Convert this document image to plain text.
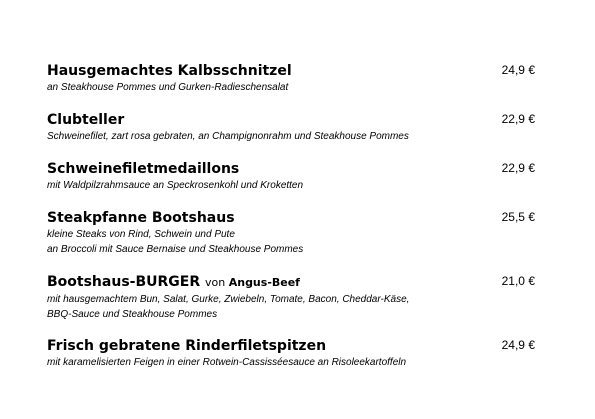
Hausgemachtes Kalbsschnitzel
an Steakhouse Pommes und Gurken-Radieschensalat
24,9 €
Clubteller
Schweinefilet, zart rosa gebraten, an Champignonrahm und Steakhouse Pommes
22,9 €
Schweinefiletmedaillons
mit Waldpilzrahmsauce an Speckrosenkohl und Kroketten
22,9 €
Steakpfanne Bootshaus
kleine Steaks von Rind, Schwein und Pute
an Broccoli mit Sauce Bernaise und Steakhouse Pommes
25,5 €
Bootshaus-BURGER von Angus-Beef
mit hausgemachtem Bun, Salat, Gurke, Zwiebeln, Tomate, Bacon, Cheddar-Käse,
BBQ-Sauce und Steakhouse Pommes
21,0 €
Frisch gebratene Rinderfiletspitzen
mit karamelisierten Feigen in einer Rotwein-Cassisséesauce an Risoleekartoffeln
24,9 €
